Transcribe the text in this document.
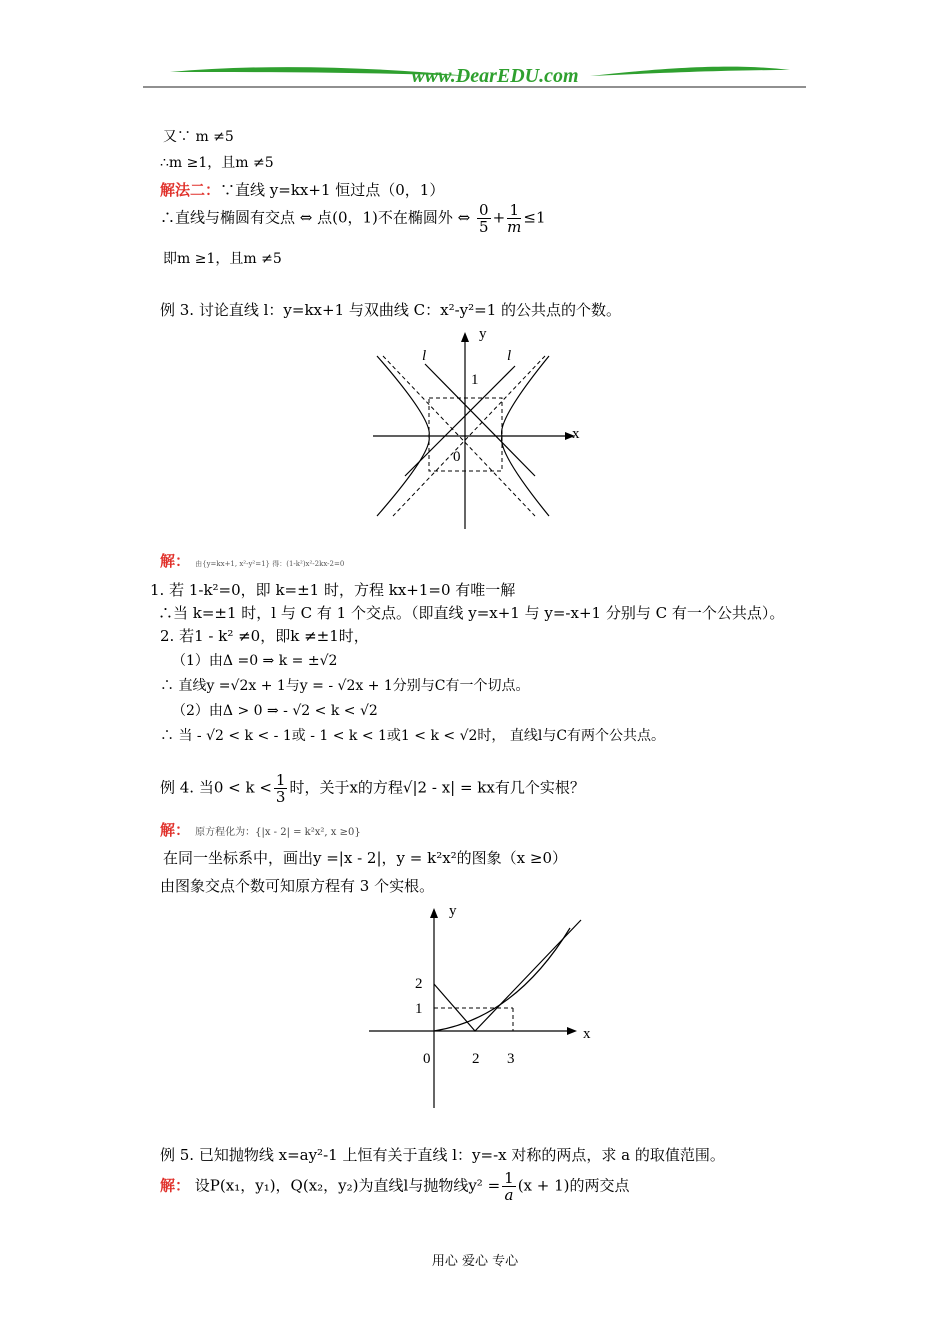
www.DearEDU.com
又∵ m ≠5
∴m ≥1，且m ≠5
解法二：∵直线 y=kx+1 恒过点（0，1）
∴直线与椭圆有交点 ⇔ 点(0，1)不在椭圆外 ⇔ $\frac{0}{5} + \frac{1}{m} \le 1$
即m ≥1，且m ≠5
例 3. 讨论直线 l：y=kx+1 与双曲线 C：x²-y²=1 的公共点的个数。
y
x
l	l
1
0
解： 由{y=kx+1, x²-y²=1} 得：(1-k²)x²-2kx-2=0
1. 若 1-k²=0，即 k=±1 时，方程 kx+1=0 有唯一解
∴当 k=±1 时，l 与 C 有 1 个交点。（即直线 y=x+1 与 y=-x+1 分别与 C 有一个公共点）。
2. 若1 - k² ≠0，即k ≠±1时，
（1）由Δ =0 ⇒ k = ±√2
∴ 直线y =√2x + 1与y = - √2x + 1分别与C有一个切点。
（2）由Δ > 0 ⇒ - √2 < k < √2
∴ 当 - √2 < k < - 1或 - 1 < k < 1或1 < k < √2时， 直线l与C有两个公共点。
例 4. 当$0 < k < \frac{1}{3}$ 时，关于x的方程√|2 - x| = kx有几个实根？
解： 原方程化为：{|x - 2| = k²x², x ≥0}
在同一坐标系中，画出y =|x - 2|，y = k²x²的图象（x ≥0）
由图象交点个数可知原方程有 3 个实根。
y
x
2
1
0	2 3
例 5. 已知抛物线 x=ay²-1 上恒有关于直线 l：y=-x 对称的两点，求 a 的取值范围。
解： 设P(x₁，y₁)，Q(x₂，y₂)为直线l与抛物线$y^2 = \frac{1}{a} (x + 1)$的两交点
用心 爱心 专心
